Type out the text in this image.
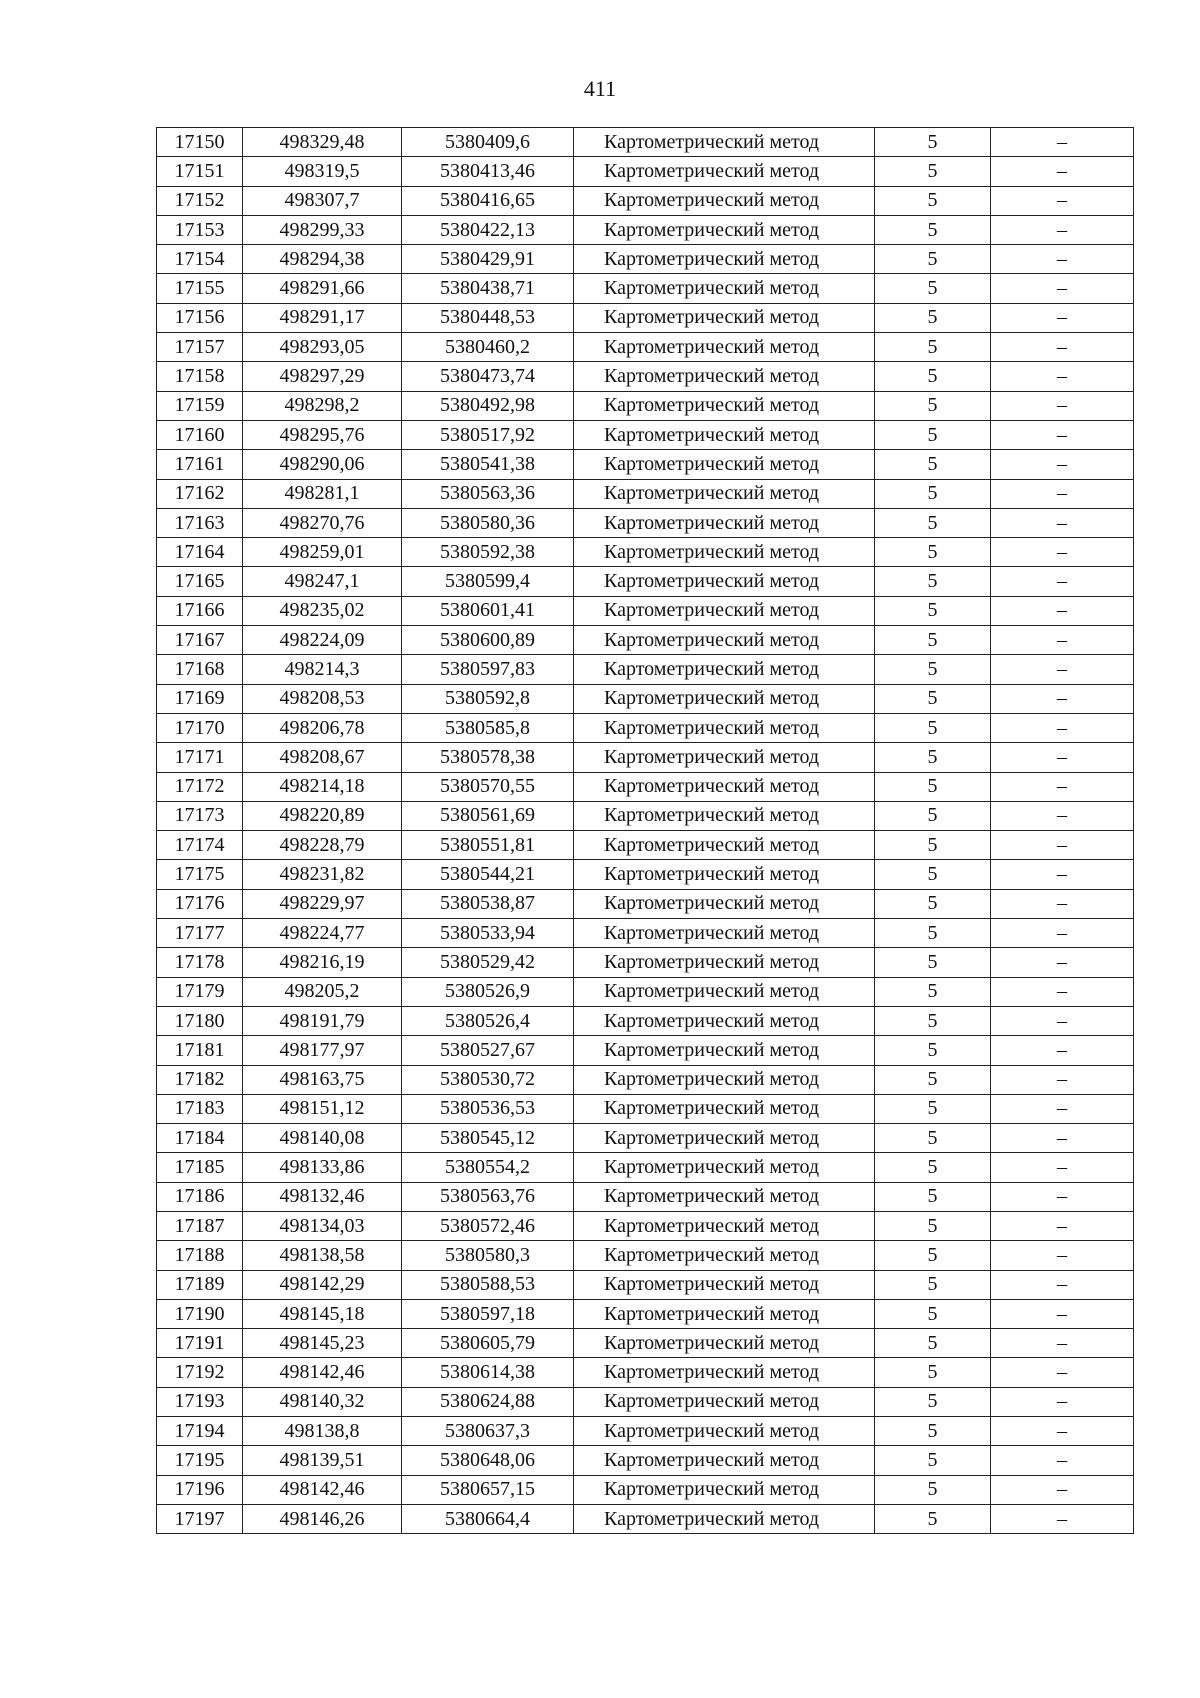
411
17150	498329,48	5380409,6	Картометрический метод	5	–
17151	498319,5	5380413,46	Картометрический метод	5	–
17152	498307,7	5380416,65	Картометрический метод	5	–
17153	498299,33	5380422,13	Картометрический метод	5	–
17154	498294,38	5380429,91	Картометрический метод	5	–
17155	498291,66	5380438,71	Картометрический метод	5	–
17156	498291,17	5380448,53	Картометрический метод	5	–
17157	498293,05	5380460,2	Картометрический метод	5	–
17158	498297,29	5380473,74	Картометрический метод	5	–
17159	498298,2	5380492,98	Картометрический метод	5	–
17160	498295,76	5380517,92	Картометрический метод	5	–
17161	498290,06	5380541,38	Картометрический метод	5	–
17162	498281,1	5380563,36	Картометрический метод	5	–
17163	498270,76	5380580,36	Картометрический метод	5	–
17164	498259,01	5380592,38	Картометрический метод	5	–
17165	498247,1	5380599,4	Картометрический метод	5	–
17166	498235,02	5380601,41	Картометрический метод	5	–
17167	498224,09	5380600,89	Картометрический метод	5	–
17168	498214,3	5380597,83	Картометрический метод	5	–
17169	498208,53	5380592,8	Картометрический метод	5	–
17170	498206,78	5380585,8	Картометрический метод	5	–
17171	498208,67	5380578,38	Картометрический метод	5	–
17172	498214,18	5380570,55	Картометрический метод	5	–
17173	498220,89	5380561,69	Картометрический метод	5	–
17174	498228,79	5380551,81	Картометрический метод	5	–
17175	498231,82	5380544,21	Картометрический метод	5	–
17176	498229,97	5380538,87	Картометрический метод	5	–
17177	498224,77	5380533,94	Картометрический метод	5	–
17178	498216,19	5380529,42	Картометрический метод	5	–
17179	498205,2	5380526,9	Картометрический метод	5	–
17180	498191,79	5380526,4	Картометрический метод	5	–
17181	498177,97	5380527,67	Картометрический метод	5	–
17182	498163,75	5380530,72	Картометрический метод	5	–
17183	498151,12	5380536,53	Картометрический метод	5	–
17184	498140,08	5380545,12	Картометрический метод	5	–
17185	498133,86	5380554,2	Картометрический метод	5	–
17186	498132,46	5380563,76	Картометрический метод	5	–
17187	498134,03	5380572,46	Картометрический метод	5	–
17188	498138,58	5380580,3	Картометрический метод	5	–
17189	498142,29	5380588,53	Картометрический метод	5	–
17190	498145,18	5380597,18	Картометрический метод	5	–
17191	498145,23	5380605,79	Картометрический метод	5	–
17192	498142,46	5380614,38	Картометрический метод	5	–
17193	498140,32	5380624,88	Картометрический метод	5	–
17194	498138,8	5380637,3	Картометрический метод	5	–
17195	498139,51	5380648,06	Картометрический метод	5	–
17196	498142,46	5380657,15	Картометрический метод	5	–
17197	498146,26	5380664,4	Картометрический метод	5	–
